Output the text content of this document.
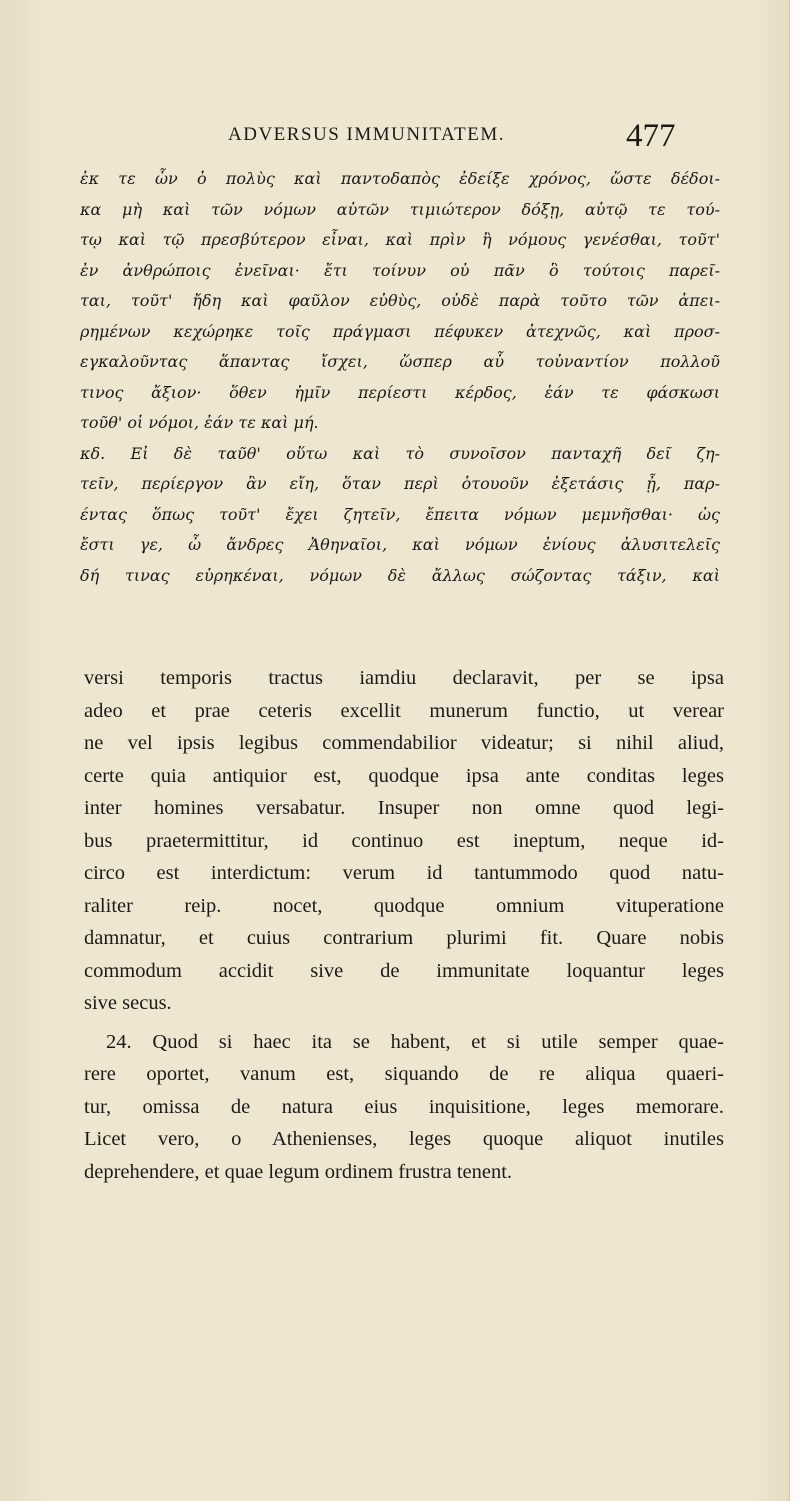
ADVERSUS IMMUNITATEM.	477
ἐκ τε ὧν ὁ πολὺς καὶ παντοδαπὸς ἐδείξε χρόνος, ὥστε δέδοι-
κα μὴ καὶ τῶν νόμων αὐτῶν τιμιώτερον δόξῃ, αὐτῷ τε τού-
τῳ καὶ τῷ πρεσβύτερον εἶναι, καὶ πρὶν ἢ νόμους γενέσθαι, τοῦτ'
ἐν ἀνθρώποις ἐνεῖναι· ἔτι τοίνυν οὐ πᾶν ὃ τούτοις παρεῖ-
ται, τοῦτ' ἤδη καὶ φαῦλον εὐθὺς, οὐδὲ παρὰ τοῦτο τῶν ἀπει-
ρημένων κεχώρηκε τοῖς πράγμασι πέφυκεν ἀτεχνῶς, καὶ προσ-
εγκαλοῦντας ἅπαντας ἴσχει, ὥσπερ αὖ τοὐναντίον πολλοῦ
τινος ἄξιον· ὅθεν ἡμῖν περίεστι κέρδος, ἐάν τε φάσκωσι
τοῦθ' οἱ νόμοι, ἐάν τε καὶ μή.
κδ. Εἰ δὲ ταῦθ' οὕτω καὶ τὸ συνοῖσον πανταχῆ δεῖ ζη-
τεῖν, περίεργον ἂν εἴη, ὅταν περὶ ὁτουοῦν ἐξετάσις ᾖ, παρ-
έντας ὅπως τοῦτ' ἔχει ζητεῖν, ἔπειτα νόμων μεμνῆσθαι· ὡς
ἔστι γε, ὦ ἄνδρες Ἀθηναῖοι, καὶ νόμων ἐνίους ἀλυσιτελεῖς
δή τινας εὑρηκέναι, νόμων δὲ ἄλλως σώζοντας τάξιν, καὶ
versi temporis tractus iamdiu declaravit, per se ipsa
adeo et prae ceteris excellit munerum functio, ut verear
ne vel ipsis legibus commendabilior videatur; si nihil aliud,
certe quia antiquior est, quodque ipsa ante conditas leges
inter homines versabatur. Insuper non omne quod legi-
bus praetermittitur, id continuo est ineptum, neque id-
circo est interdictum: verum id tantummodo quod natu-
raliter reip. nocet, quodque omnium vituperatione
damnatur, et cuius contrarium plurimi fit. Quare nobis
commodum accidit sive de immunitate loquantur leges
sive secus.
24. Quod si haec ita se habent, et si utile semper quae-
rere oportet, vanum est, siquando de re aliqua quaeri-
tur, omissa de natura eius inquisitione, leges memorare.
Licet vero, o Athenienses, leges quoque aliquot inutiles
deprehendere, et quae legum ordinem frustra tenent.
